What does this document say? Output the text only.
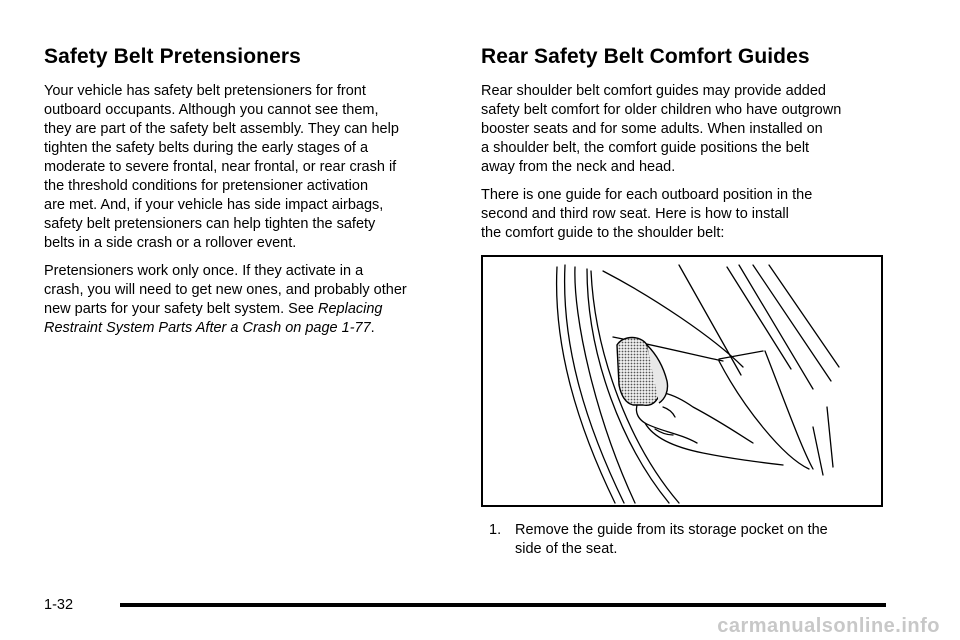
Safety Belt Pretensioners

Your vehicle has safety belt pretensioners for front
outboard occupants. Although you cannot see them,
they are part of the safety belt assembly. They can help
tighten the safety belts during the early stages of a
moderate to severe frontal, near frontal, or rear crash if
the threshold conditions for pretensioner activation
are met. And, if your vehicle has side impact airbags,
safety belt pretensioners can help tighten the safety
belts in a side crash or a rollover event.

Pretensioners work only once. If they activate in a
crash, you will need to get new ones, and probably other
new parts for your safety belt system. See Replacing
Restraint System Parts After a Crash on page 1-77.

Rear Safety Belt Comfort Guides

Rear shoulder belt comfort guides may provide added
safety belt comfort for older children who have outgrown
booster seats and for some adults. When installed on
a shoulder belt, the comfort guide positions the belt
away from the neck and head.

There is one guide for each outboard position in the
second and third row seat. Here is how to install
the comfort guide to the shoulder belt:

1. Remove the guide from its storage pocket on the
side of the seat.
1-32
carmanualsonline.info
